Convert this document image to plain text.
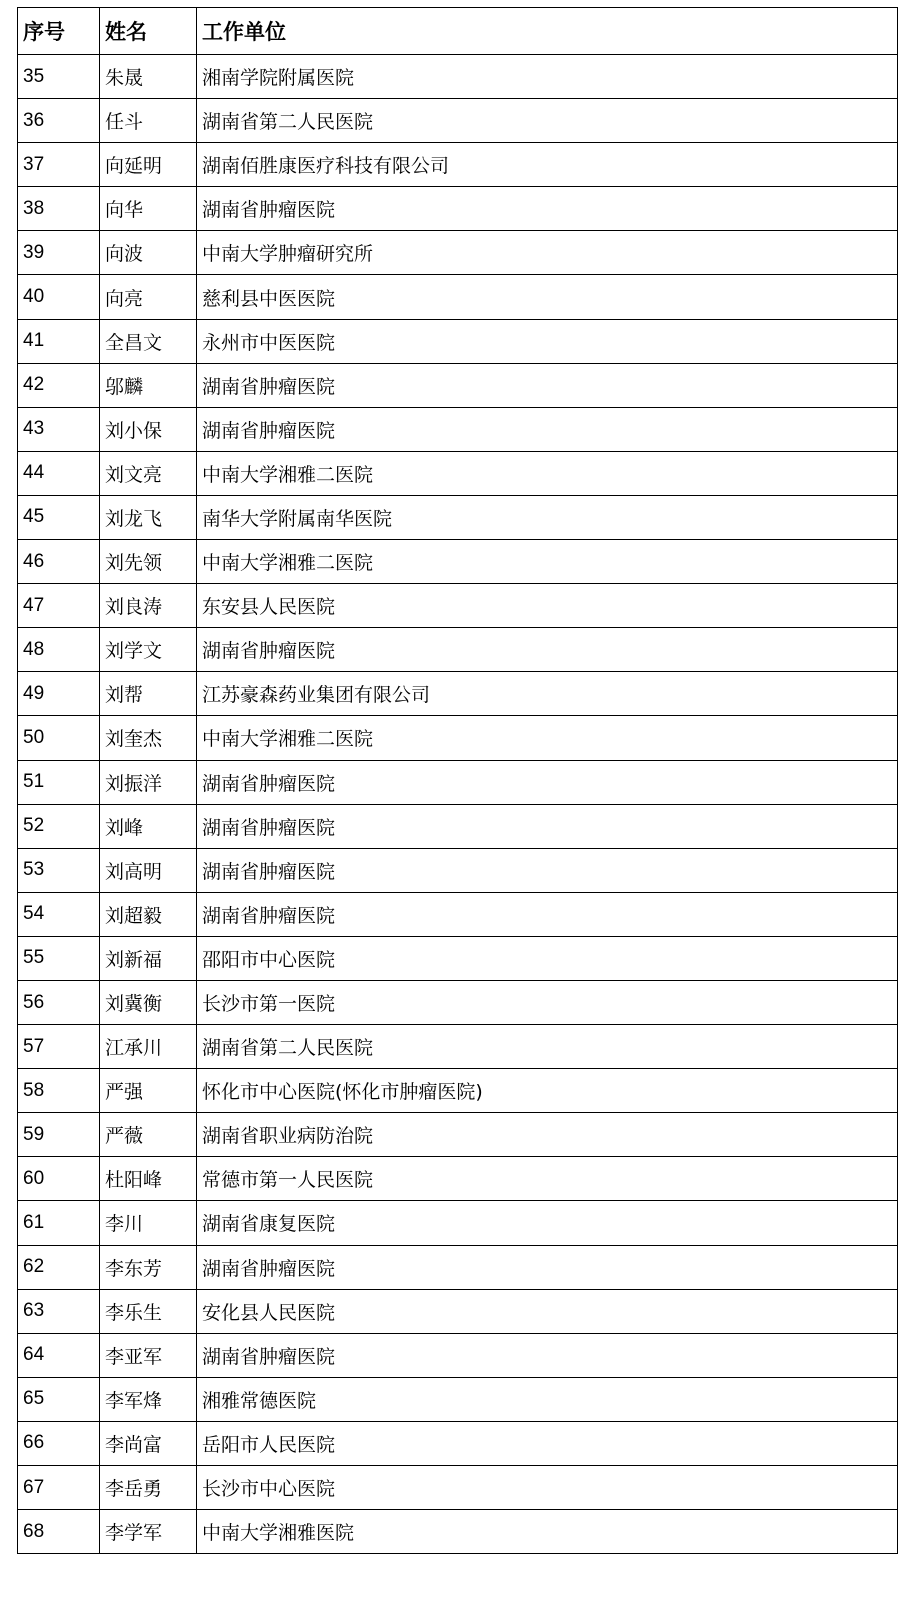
序号	姓名	工作单位
35	朱晟	湘南学院附属医院
36	任斗	湖南省第二人民医院
37	向延明	湖南佰胜康医疗科技有限公司
38	向华	湖南省肿瘤医院
39	向波	中南大学肿瘤研究所
40	向亮	慈利县中医医院
41	全昌文	永州市中医医院
42	邬麟	湖南省肿瘤医院
43	刘小保	湖南省肿瘤医院
44	刘文亮	中南大学湘雅二医院
45	刘龙飞	南华大学附属南华医院
46	刘先领	中南大学湘雅二医院
47	刘良涛	东安县人民医院
48	刘学文	湖南省肿瘤医院
49	刘帮	江苏豪森药业集团有限公司
50	刘奎杰	中南大学湘雅二医院
51	刘振洋	湖南省肿瘤医院
52	刘峰	湖南省肿瘤医院
53	刘高明	湖南省肿瘤医院
54	刘超毅	湖南省肿瘤医院
55	刘新福	邵阳市中心医院
56	刘冀衡	长沙市第一医院
57	江承川	湖南省第二人民医院
58	严强	怀化市中心医院(怀化市肿瘤医院)
59	严薇	湖南省职业病防治院
60	杜阳峰	常德市第一人民医院
61	李川	湖南省康复医院
62	李东芳	湖南省肿瘤医院
63	李乐生	安化县人民医院
64	李亚军	湖南省肿瘤医院
65	李军烽	湘雅常德医院
66	李尚富	岳阳市人民医院
67	李岳勇	长沙市中心医院
68	李学军	中南大学湘雅医院
